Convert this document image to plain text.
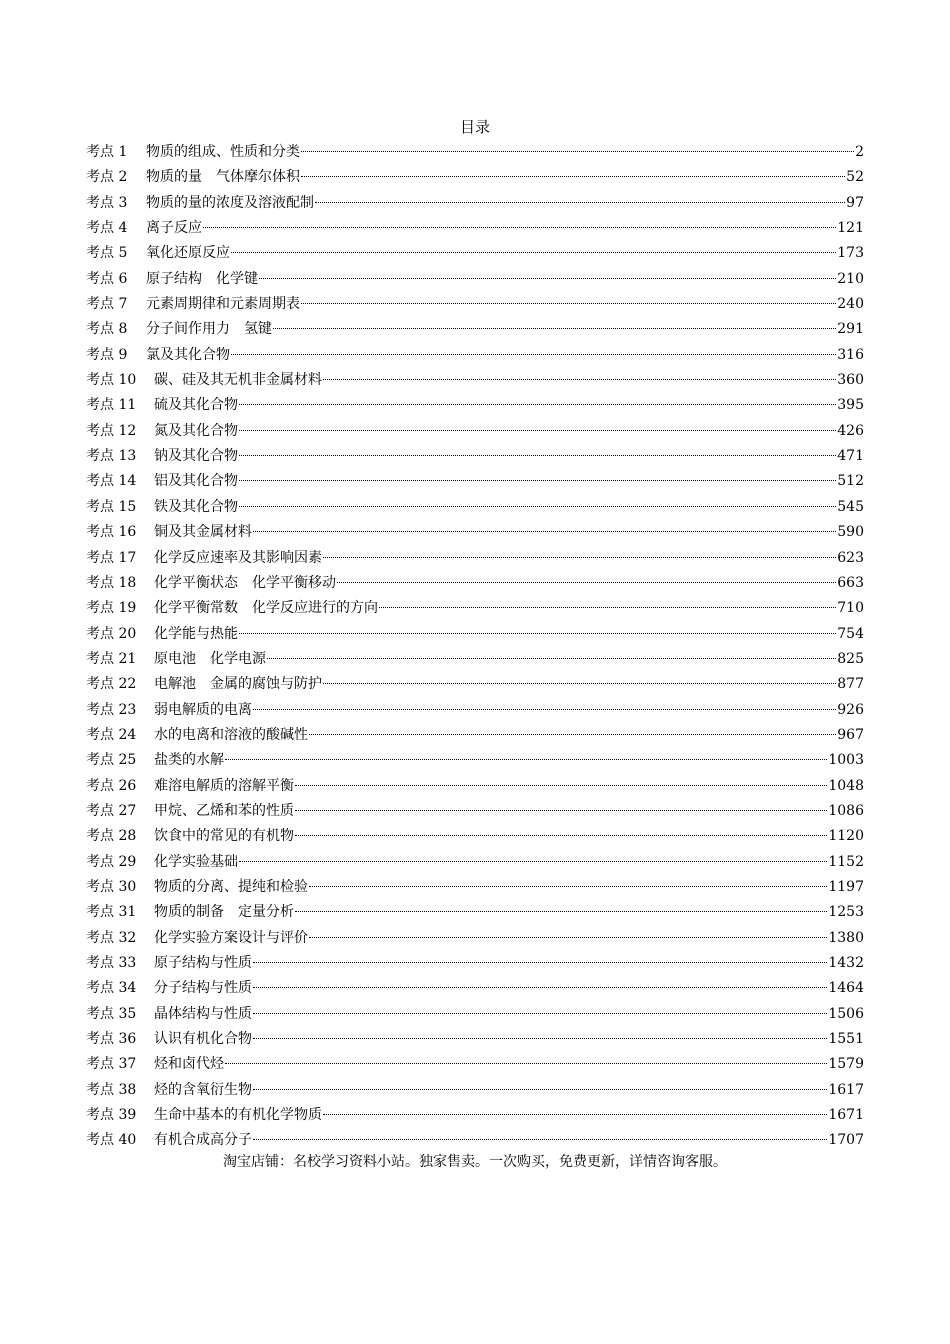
目录
考点 1	物质的组成、性质和分类	2
考点 2	物质的量　气体摩尔体积	52
考点 3	物质的量的浓度及溶液配制	97
考点 4	离子反应	121
考点 5	氧化还原反应	173
考点 6	原子结构　化学键	210
考点 7	元素周期律和元素周期表	240
考点 8	分子间作用力　氢键	291
考点 9	氯及其化合物	316
考点 10	碳、硅及其无机非金属材料	360
考点 11	硫及其化合物	395
考点 12	氮及其化合物	426
考点 13	钠及其化合物	471
考点 14	铝及其化合物	512
考点 15	铁及其化合物	545
考点 16	铜及其金属材料	590
考点 17	化学反应速率及其影响因素	623
考点 18	化学平衡状态　化学平衡移动	663
考点 19	化学平衡常数　化学反应进行的方向	710
考点 20	化学能与热能	754
考点 21	原电池　化学电源	825
考点 22	电解池　金属的腐蚀与防护	877
考点 23	弱电解质的电离	926
考点 24	水的电离和溶液的酸碱性	967
考点 25	盐类的水解	1003
考点 26	难溶电解质的溶解平衡	1048
考点 27	甲烷、乙烯和苯的性质	1086
考点 28	饮食中的常见的有机物	1120
考点 29	化学实验基础	1152
考点 30	物质的分离、提纯和检验	1197
考点 31	物质的制备　定量分析	1253
考点 32	化学实验方案设计与评价	1380
考点 33	原子结构与性质	1432
考点 34	分子结构与性质	1464
考点 35	晶体结构与性质	1506
考点 36	认识有机化合物	1551
考点 37	烃和卤代烃	1579
考点 38	烃的含氧衍生物	1617
考点 39	生命中基本的有机化学物质	1671
考点 40	有机合成高分子	1707
淘宝店铺：名校学习资料小站。独家售卖。一次购买，免费更新，详情咨询客服。
